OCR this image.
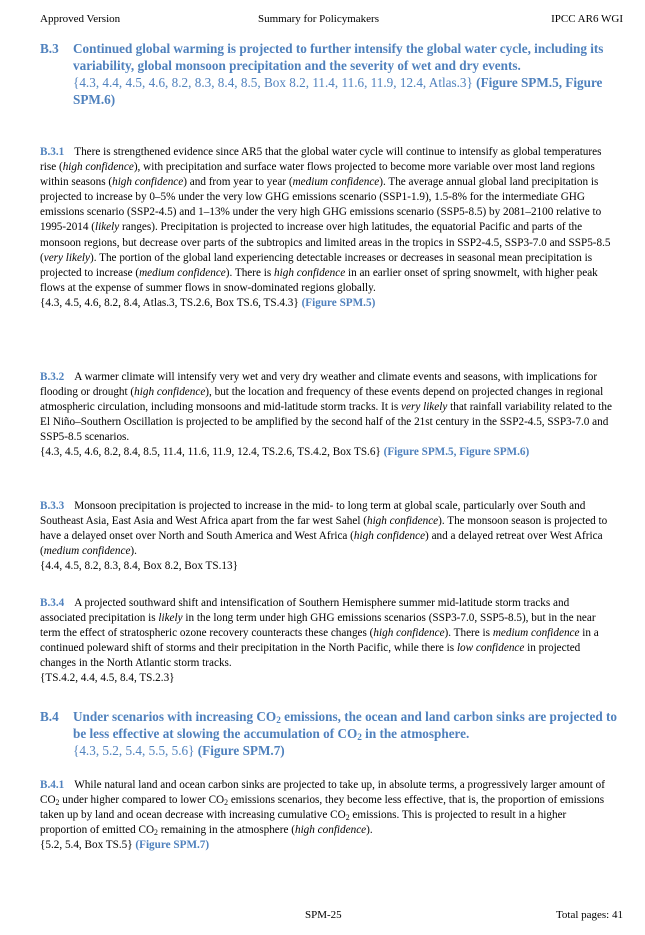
Approved Version	Summary for Policymakers	IPCC AR6 WGI
B.3 Continued global warming is projected to further intensify the global water cycle, including its variability, global monsoon precipitation and the severity of wet and dry events.
{4.3, 4.4, 4.5, 4.6, 8.2, 8.3, 8.4, 8.5, Box 8.2, 11.4, 11.6, 11.9, 12.4, Atlas.3} (Figure SPM.5, Figure SPM.6)
B.3.1 There is strengthened evidence since AR5 that the global water cycle will continue to intensify as global temperatures rise (high confidence), with precipitation and surface water flows projected to become more variable over most land regions within seasons (high confidence) and from year to year (medium confidence). The average annual global land precipitation is projected to increase by 0–5% under the very low GHG emissions scenario (SSP1-1.9), 1.5-8% for the intermediate GHG emissions scenario (SSP2-4.5) and 1–13% under the very high GHG emissions scenario (SSP5-8.5) by 2081–2100 relative to 1995-2014 (likely ranges). Precipitation is projected to increase over high latitudes, the equatorial Pacific and parts of the monsoon regions, but decrease over parts of the subtropics and limited areas in the tropics in SSP2-4.5, SSP3-7.0 and SSP5-8.5 (very likely). The portion of the global land experiencing detectable increases or decreases in seasonal mean precipitation is projected to increase (medium confidence). There is high confidence in an earlier onset of spring snowmelt, with higher peak flows at the expense of summer flows in snow-dominated regions globally.
{4.3, 4.5, 4.6, 8.2, 8.4, Atlas.3, TS.2.6, Box TS.6, TS.4.3} (Figure SPM.5)
B.3.2 A warmer climate will intensify very wet and very dry weather and climate events and seasons, with implications for flooding or drought (high confidence), but the location and frequency of these events depend on projected changes in regional atmospheric circulation, including monsoons and mid-latitude storm tracks. It is very likely that rainfall variability related to the El Niño–Southern Oscillation is projected to be amplified by the second half of the 21st century in the SSP2-4.5, SSP3-7.0 and SSP5-8.5 scenarios.
{4.3, 4.5, 4.6, 8.2, 8.4, 8.5, 11.4, 11.6, 11.9, 12.4, TS.2.6, TS.4.2, Box TS.6} (Figure SPM.5, Figure SPM.6)
B.3.3 Monsoon precipitation is projected to increase in the mid- to long term at global scale, particularly over South and Southeast Asia, East Asia and West Africa apart from the far west Sahel (high confidence). The monsoon season is projected to have a delayed onset over North and South America and West Africa (high confidence) and a delayed retreat over West Africa (medium confidence).
{4.4, 4.5, 8.2, 8.3, 8.4, Box 8.2, Box TS.13}
B.3.4 A projected southward shift and intensification of Southern Hemisphere summer mid-latitude storm tracks and associated precipitation is likely in the long term under high GHG emissions scenarios (SSP3-7.0, SSP5-8.5), but in the near term the effect of stratospheric ozone recovery counteracts these changes (high confidence). There is medium confidence in a continued poleward shift of storms and their precipitation in the North Pacific, while there is low confidence in projected changes in the North Atlantic storm tracks.
{TS.4.2, 4.4, 4.5, 8.4, TS.2.3}
B.4 Under scenarios with increasing $CO_2$ emissions, the ocean and land carbon sinks are projected to be less effective at slowing the accumulation of $CO_2$ in the atmosphere.
{4.3, 5.2, 5.4, 5.5, 5.6} (Figure SPM.7)
B.4.1 While natural land and ocean carbon sinks are projected to take up, in absolute terms, a progressively larger amount of $CO_2$ under higher compared to lower $CO_2$ emissions scenarios, they become less effective, that is, the proportion of emissions taken up by land and ocean decrease with increasing cumulative $CO_2$ emissions. This is projected to result in a higher proportion of emitted $CO_2$ remaining in the atmosphere (high confidence).
{5.2, 5.4, Box TS.5} (Figure SPM.7)
SPM-25	Total pages: 41
